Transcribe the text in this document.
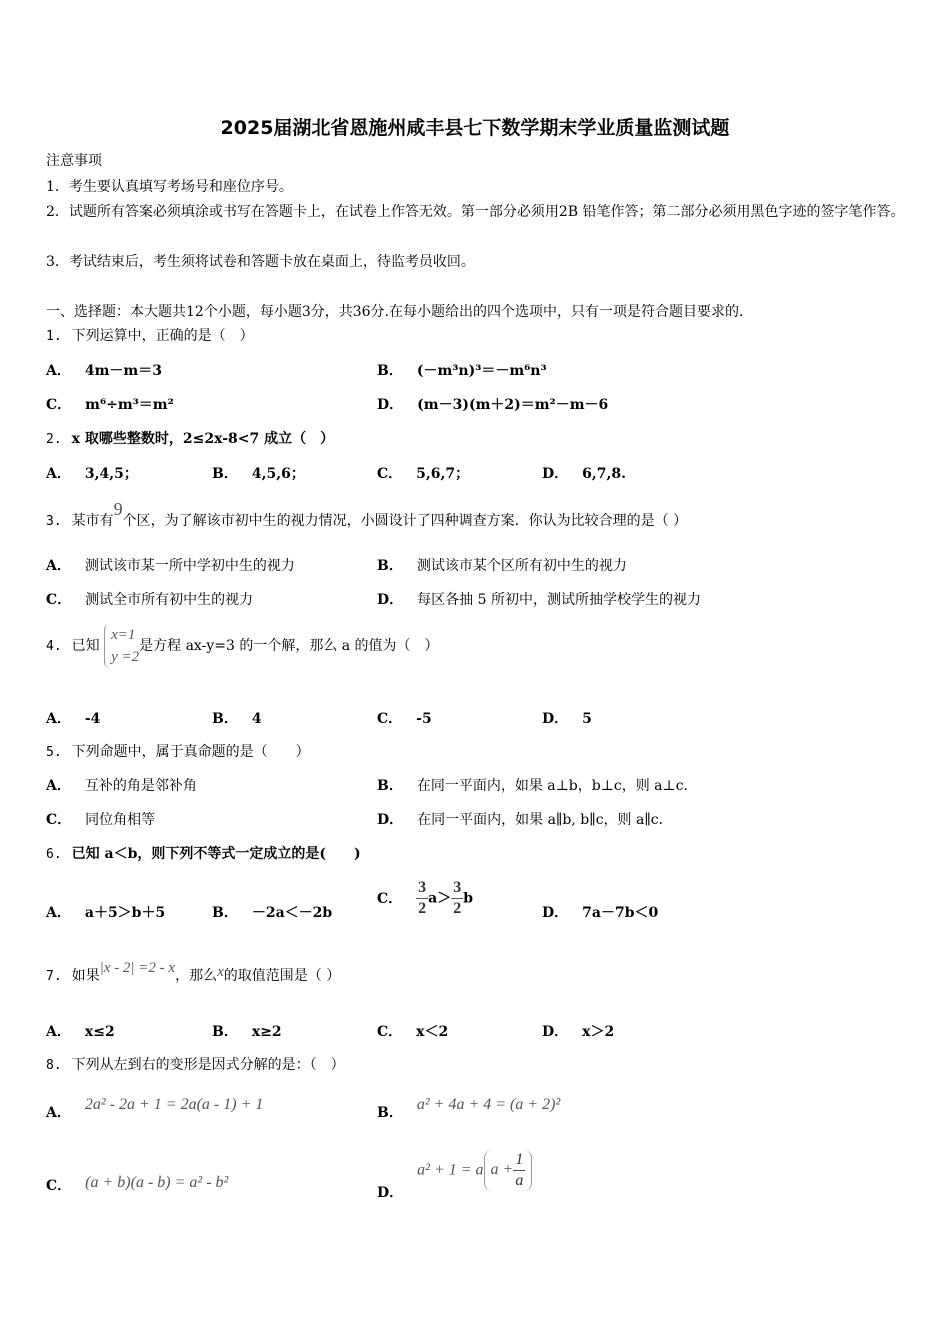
2025届湖北省恩施州咸丰县七下数学期末学业质量监测试题
注意事项
1．考生要认真填写考场号和座位序号。
2．试题所有答案必须填涂或书写在答题卡上，在试卷上作答无效。第一部分必须用2B 铅笔作答；第二部分必须用黑色字迹的签字笔作答。
3．考试结束后，考生须将试卷和答题卡放在桌面上，待监考员收回。
一、选择题：本大题共12个小题，每小题3分，共36分.在每小题给出的四个选项中，只有一项是符合题目要求的.
1. 下列运算中，正确的是（　）
A． 4m－m＝3	B． (－m³n)³＝－m⁶n³
C． m⁶÷m³＝m²	D． (m－3)(m＋2)＝m²－m－6
2. x 取哪些整数时，2≤2x-8<7 成立（　）
A． 3,4,5；	B． 4,5,6；	C． 5,6,7；	D． 6,7,8.
3. 某市有9个区，为了解该市初中生的视力情况，小圆设计了四种调查方案．你认为比较合理的是（ ）
A． 测试该市某一所中学初中生的视力	B． 测试该市某个区所有初中生的视力
C． 测试全市所有初中生的视力	D． 每区各抽 5 所初中，测试所抽学校学生的视力
4. 已知
x=1
y =2
是方程 ax-y=3 的一个解，那么 a 的值为（　）
A． -4	B． 4	C． -5	D． 5
5. 下列命题中，属于真命题的是（　　）
A． 互补的角是邻补角	B． 在同一平面内，如果 a⊥b，b⊥c，则 a⊥c．
C． 同位角相等	D． 在同一平面内，如果 a∥b, b∥c，则 a∥c．
6. 已知 a＜b，则下列不等式一定成立的是(　　)
A． a＋5＞b＋5	B． －2a＜－2b
C． $\frac{3}{2} a> \frac{3}{2}$ b
D． 7a－7b＜0
7. 如果|x - 2| =2 - x，那么x的取值范围是（ ）
A． x≤2	B． x≥2	C． x＜2	D． x＞2
8. 下列从左到右的变形是因式分解的是：（　）
A． 2a² - 2a + 1 = 2a(a - 1) + 1	B． a² + 4a + 4 = (a + 2)²
C． (a + b)(a - b) = a² - b²
D．a² + 1 = a $a + \frac{1}{a}$
